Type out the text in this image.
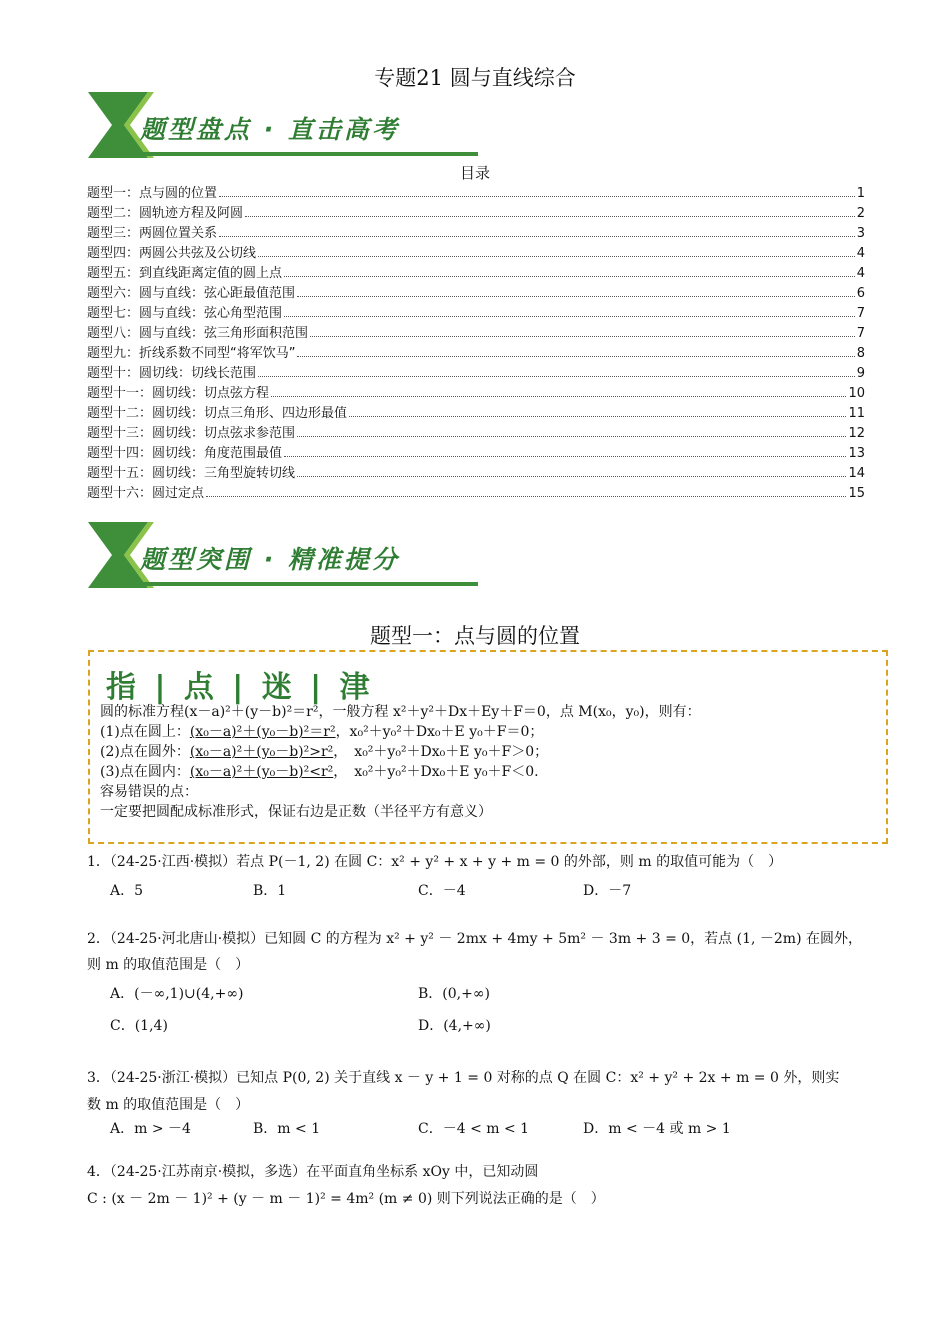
专题21 圆与直线综合
题型盘点 · 直击高考
目录
题型一：点与圆的位置	1
题型二：圆轨迹方程及阿圆	2
题型三：两圆位置关系	3
题型四：两圆公共弦及公切线	4
题型五：到直线距离定值的圆上点	4
题型六：圆与直线：弦心距最值范围	6
题型七：圆与直线：弦心角型范围	7
题型八：圆与直线：弦三角形面积范围	7
题型九：折线系数不同型“将军饮马”	8
题型十：圆切线：切线长范围	9
题型十一：圆切线：切点弦方程	10
题型十二：圆切线：切点三角形、四边形最值	11
题型十三：圆切线：切点弦求参范围	12
题型十四：圆切线：角度范围最值	13
题型十五：圆切线：三角型旋转切线	14
题型十六：圆过定点	15
题型突围 · 精准提分
题型一：点与圆的位置
指 | 点 | 迷 | 津
圆的标准方程(x－a)²＋(y－b)²＝r²，一般方程 x²＋y²＋Dx＋Ey＋F＝0，点 M(x₀，y₀)，则有：
(1)点在圆上：(x₀－a)²＋(y₀－b)²＝r²，x₀²＋y₀²＋Dx₀＋E y₀＋F＝0；
(2)点在圆外：(x₀－a)²＋(y₀－b)²>r²，　x₀²＋y₀²＋Dx₀＋E y₀＋F＞0；
(3)点在圆内：(x₀－a)²＋(y₀－b)²<r²，　x₀²＋y₀²＋Dx₀＋E y₀＋F＜0.
容易错误的点：
一定要把圆配成标准形式，保证右边是正数（半径平方有意义）
1．（24-25·江西·模拟）若点 P(－1, 2) 在圆 C：x² + y² + x + y + m = 0 的外部，则 m 的取值可能为（　）
A．5	B．1	C．－4	D．－7
2．（24-25·河北唐山·模拟）已知圆 C 的方程为 x² + y² － 2mx + 4my + 5m² － 3m + 3 = 0，若点 (1, －2m) 在圆外，
则 m 的取值范围是（　）
A．(－∞,1)∪(4,+∞)	B．(0,+∞)
C．(1,4)	D．(4,+∞)
3．（24-25·浙江·模拟）已知点 P(0, 2) 关于直线 x － y + 1 = 0 对称的点 Q 在圆 C：x² + y² + 2x + m = 0 外，则实
数 m 的取值范围是（　）
A．m > －4	B．m < 1	C．－4 < m < 1	D．m < －4 或 m > 1
4．（24-25·江苏南京·模拟，多选）在平面直角坐标系 xOy 中，已知动圆
C : (x － 2m － 1)² + (y － m － 1)² = 4m² (m ≠ 0) 则下列说法正确的是（　）
